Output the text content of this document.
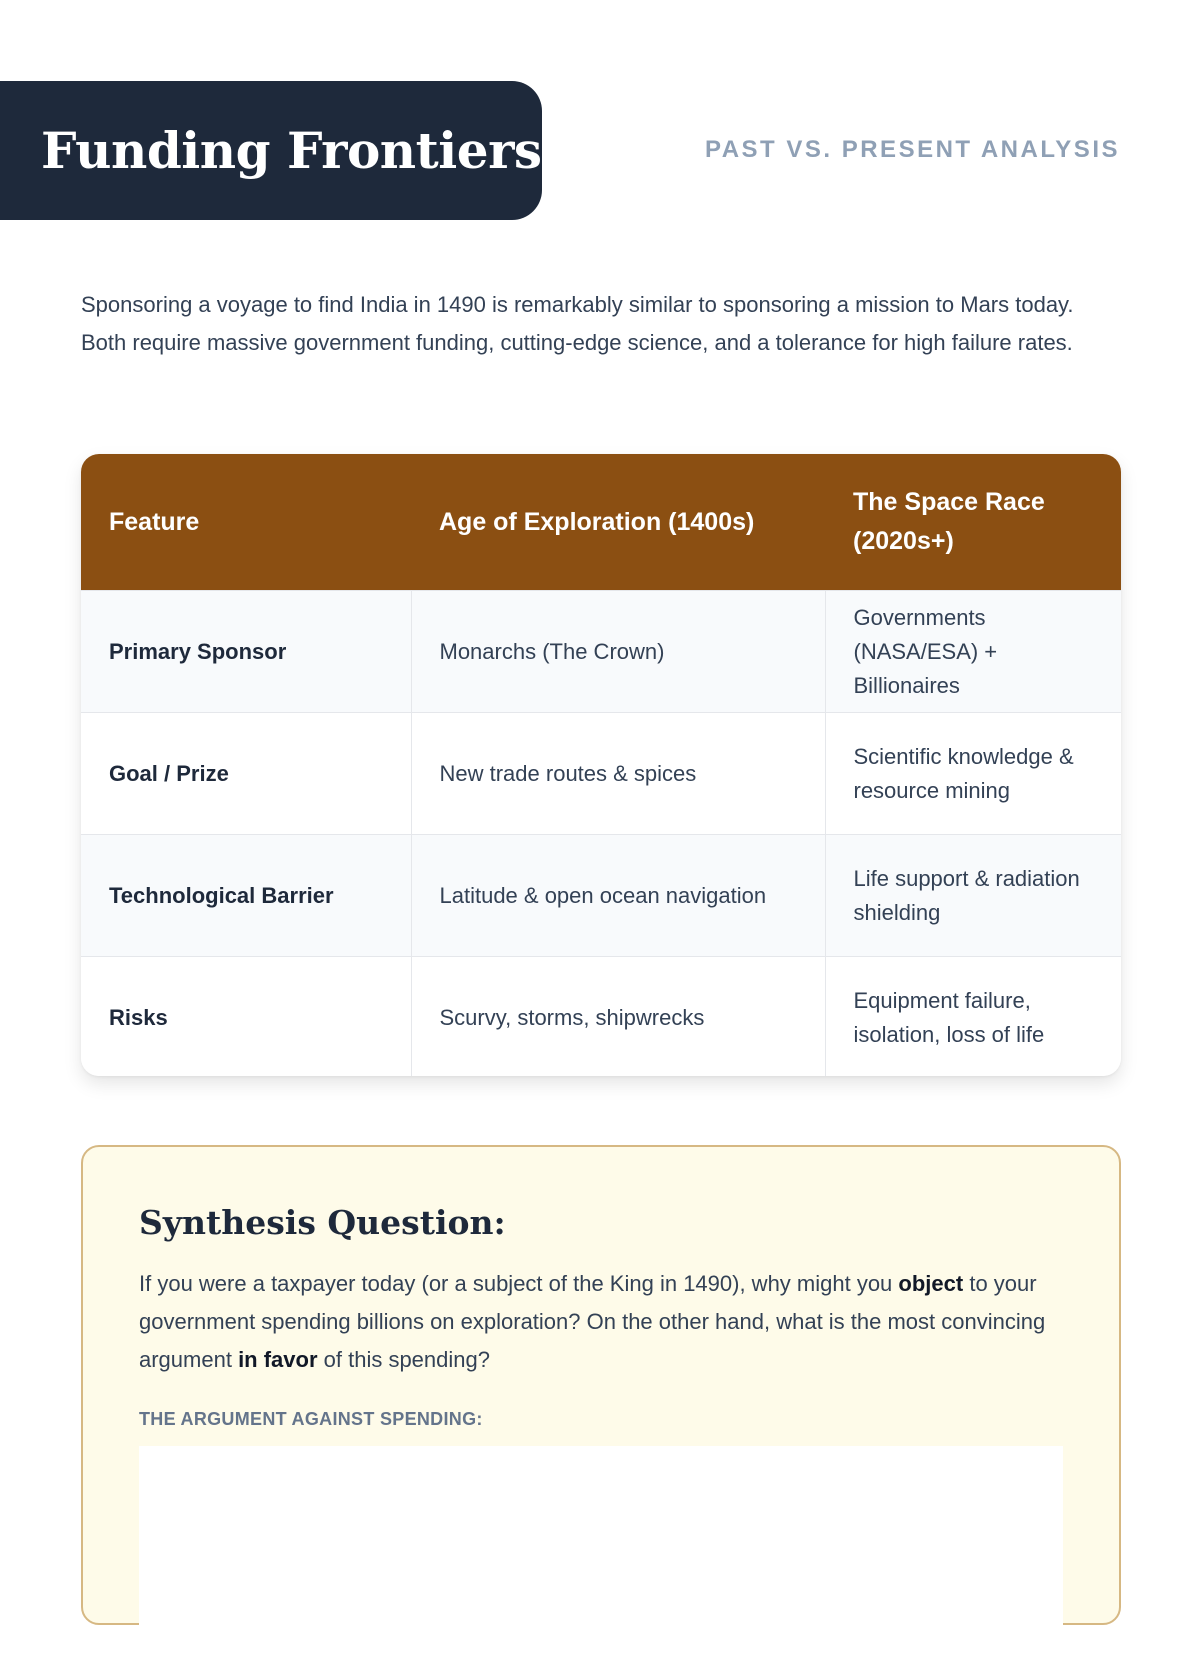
Funding Frontiers	PAST VS. PRESENT ANALYSIS

Sponsoring a voyage to find India in 1490 is remarkably similar to sponsoring a mission to Mars today. Both require massive government funding, cutting-edge science, and a tolerance for high failure rates.

Feature	Age of Exploration (1400s)	The Space Race (2020s+)
Primary Sponsor	Monarchs (The Crown)	Governments (NASA/ESA) + Billionaires
Goal / Prize	New trade routes & spices	Scientific knowledge & resource mining
Technological Barrier	Latitude & open ocean navigation	Life support & radiation shielding
Risks	Scurvy, storms, shipwrecks	Equipment failure, isolation, loss of life
Synthesis Question:

If you were a taxpayer today (or a subject of the King in 1490), why might you object to your government spending billions on exploration? On the other hand, what is the most convincing argument in favor of this spending?

THE ARGUMENT AGAINST SPENDING:
